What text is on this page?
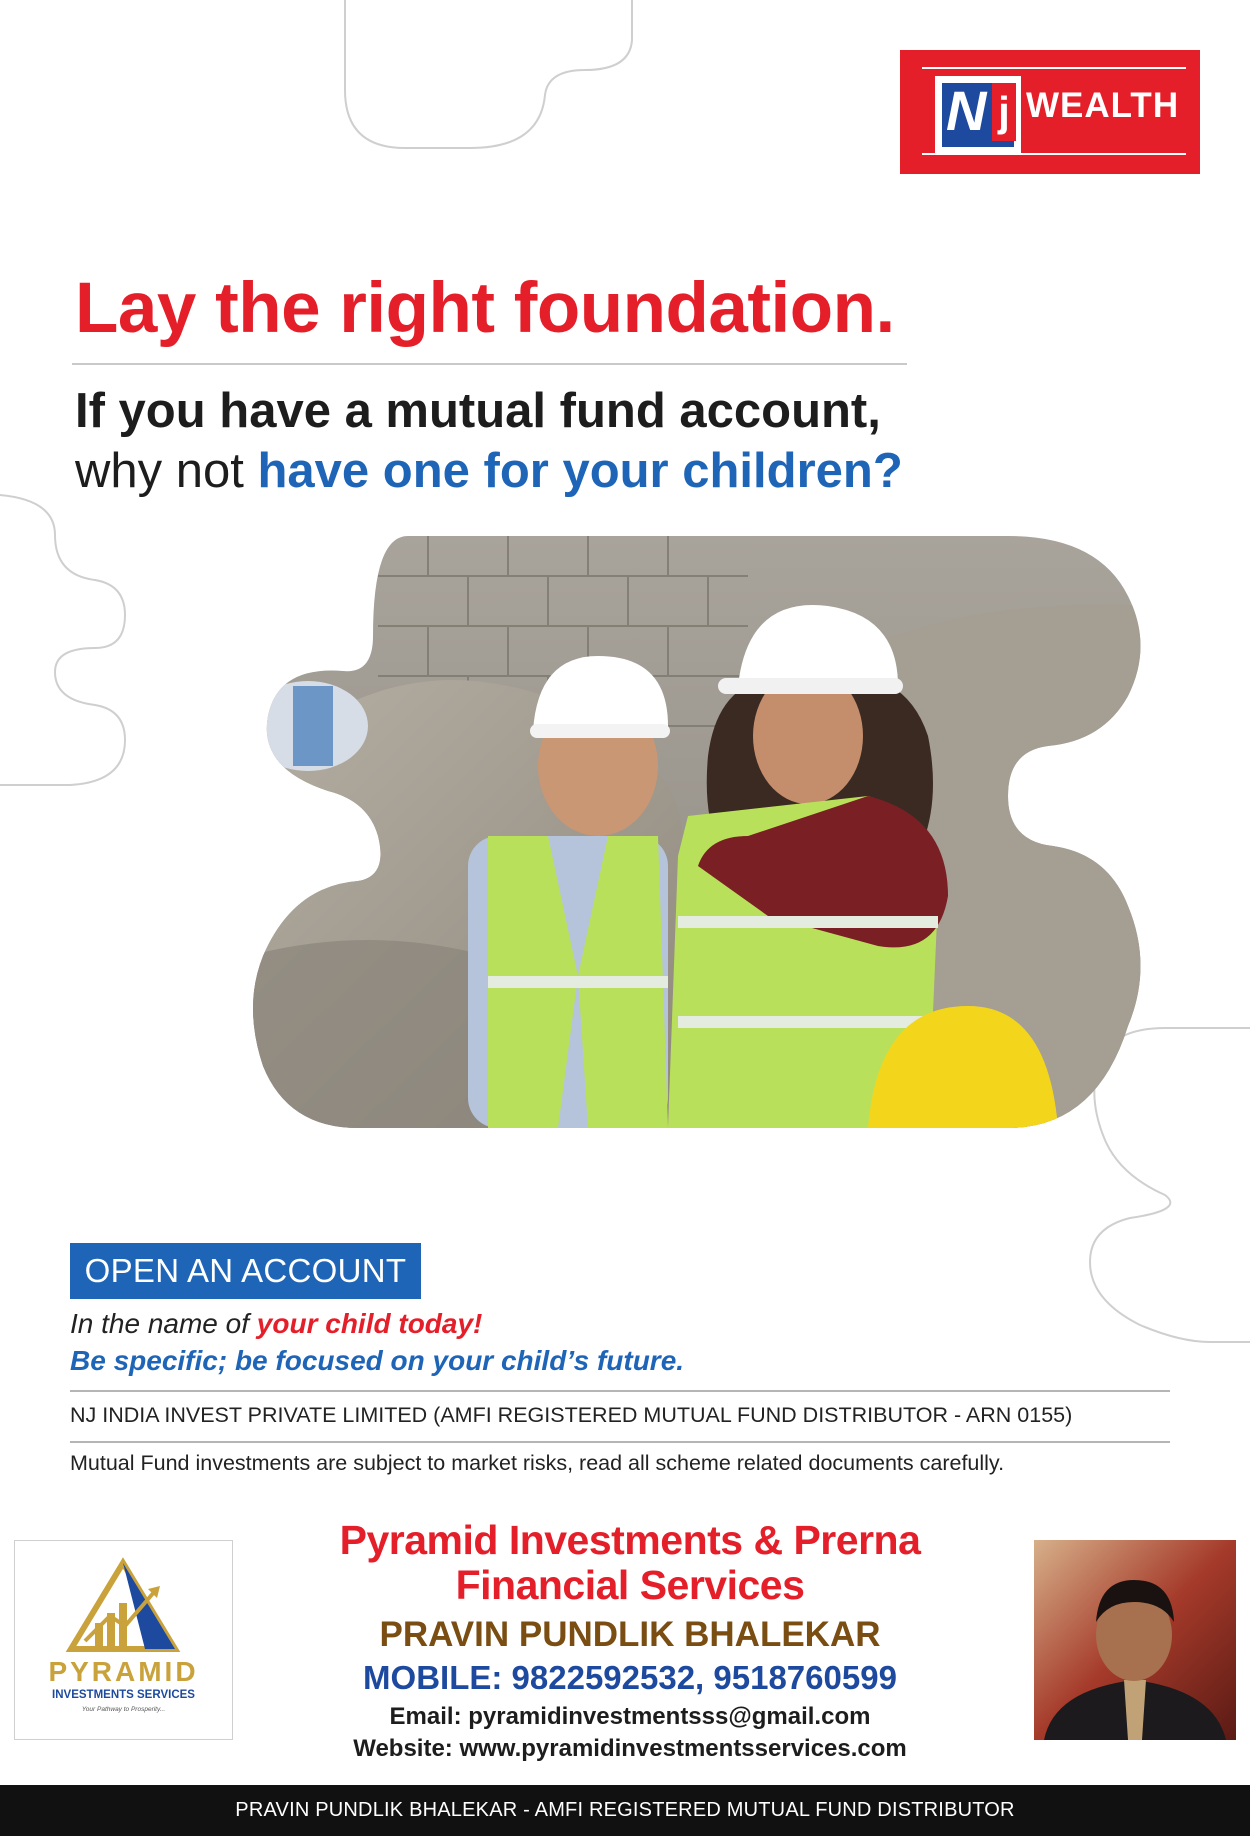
N j WEALTH
Lay the right foundation.
If you have a mutual fund account,
why not have one for your children?
OPEN AN ACCOUNT
In the name of your child today!
Be specific; be focused on your child’s future.
NJ INDIA INVEST PRIVATE LIMITED (AMFI REGISTERED MUTUAL FUND DISTRIBUTOR - ARN 0155)
Mutual Fund investments are subject to market risks, read all scheme related documents carefully.
PYRAMID
INVESTMENTS SERVICES
Your Pathway to Prosperity...
Pyramid Investments & Prerna Financial Services
PRAVIN PUNDLIK BHALEKAR
MOBILE: 9822592532, 9518760599
Email: pyramidinvestmentsss@gmail.com
Website: www.pyramidinvestmentsservices.com
PRAVIN PUNDLIK BHALEKAR - AMFI REGISTERED MUTUAL FUND DISTRIBUTOR
